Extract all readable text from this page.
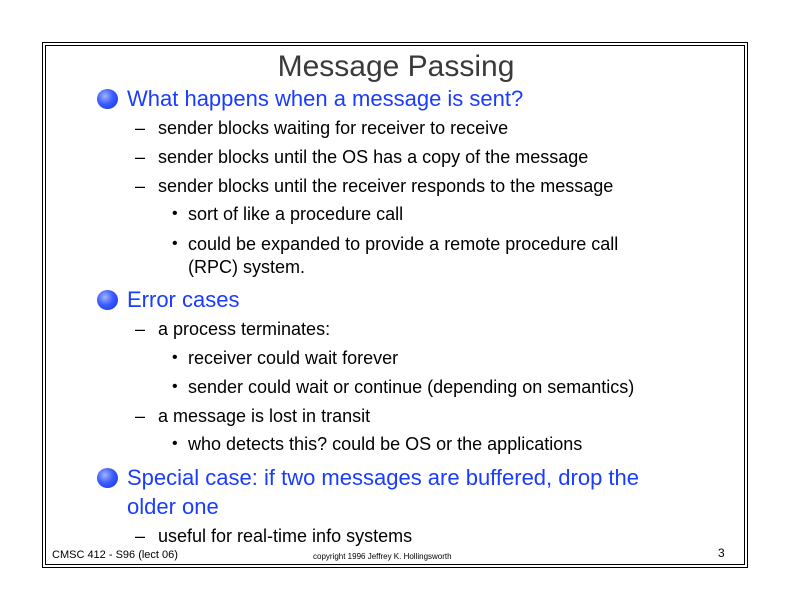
Message Passing
What happens when a message is sent?
– sender blocks waiting for receiver to receive
– sender blocks until the OS has a copy of the message
– sender blocks until the receiver responds to the message
• sort of like a procedure call
• could be expanded to provide a remote procedure call
(RPC) system.
Error cases
– a process terminates:
• receiver could wait forever
• sender could wait or continue (depending on semantics)
– a message is lost in transit
• who detects this? could be OS or the applications
Special case: if two messages are buffered, drop the
older one
– useful for real-time info systems
CMSC 412 - S96 (lect 06)	copyright 1996 Jeffrey K. Hollingsworth	3
